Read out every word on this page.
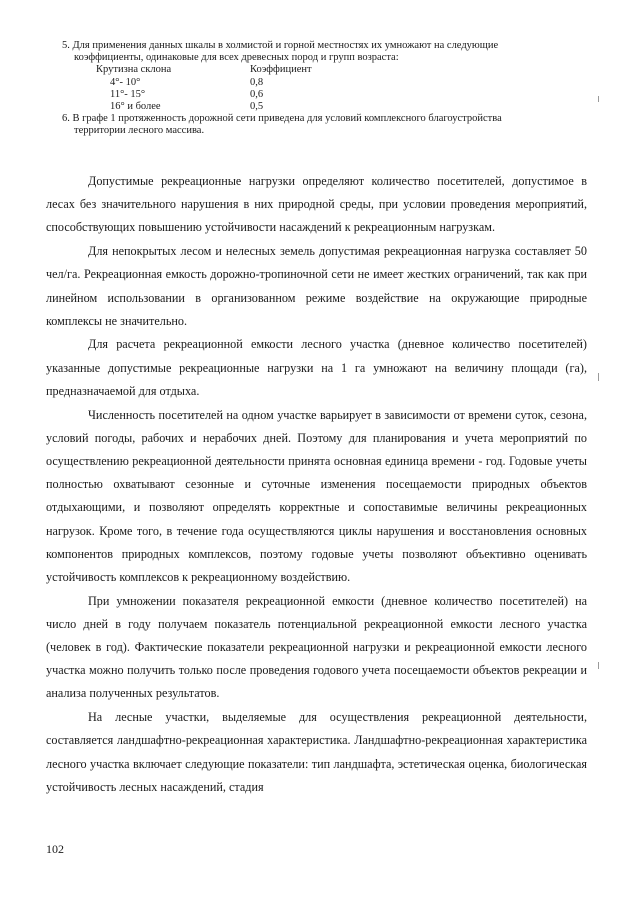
5. Для применения данных шкалы в холмистой и горной местностях их умножают на следующие
коэффициенты, одинаковые для всех древесных пород и групп возраста:
Крутизна склона	Коэффициент
4°- 10°	0,8
11°- 15°	0,6
16° и более	0,5
6. В графе 1 протяженность дорожной сети приведена для условий комплексного благоустройства
территории лесного массива.

Допустимые рекреационные нагрузки определяют количество посетителей, допустимое в лесах без значительного нарушения в них природной среды, при условии проведения мероприятий, способствующих повышению устойчивости насаждений к рекреационным нагрузкам.

Для непокрытых лесом и нелесных земель допустимая рекреационная нагрузка составляет 50 чел/га. Рекреационная емкость дорожно-тропиночной сети не имеет жестких ограничений, так как при линейном использовании в организованном режиме воздействие на окружающие природные комплексы не значительно.

Для расчета рекреационной емкости лесного участка (дневное количество посетителей) указанные допустимые рекреационные нагрузки на 1 га умножают на величину площади (га), предназначаемой для отдыха.

Численность посетителей на одном участке варьирует в зависимости от времени суток, сезона, условий погоды, рабочих и нерабочих дней. Поэтому для планирования и учета мероприятий по осуществлению рекреационной деятельности принята основная единица времени - год. Годовые учеты полностью охватывают сезонные и суточные изменения посещаемости природных объектов отдыхающими, и позволяют определять корректные и сопоставимые величины рекреационных нагрузок. Кроме того, в течение года осуществляются циклы нарушения и восстановления основных компонентов природных комплексов, поэтому годовые учеты позволяют объективно оценивать устойчивость комплексов к рекреационному воздействию.

При умножении показателя рекреационной емкости (дневное количество посетителей) на число дней в году получаем показатель потенциальной рекреационной емкости лесного участка (человек в год). Фактические показатели рекреационной нагрузки и рекреационной емкости лесного участка можно получить только после проведения годового учета посещаемости объектов рекреации и анализа полученных результатов.

На лесные участки, выделяемые для осуществления рекреационной деятельности, составляется ландшафтно-рекреационная характеристика. Ландшафтно-рекреационная характеристика лесного участка включает следующие показатели: тип ландшафта, эстетическая оценка, биологическая устойчивость лесных насаждений, стадия

102
